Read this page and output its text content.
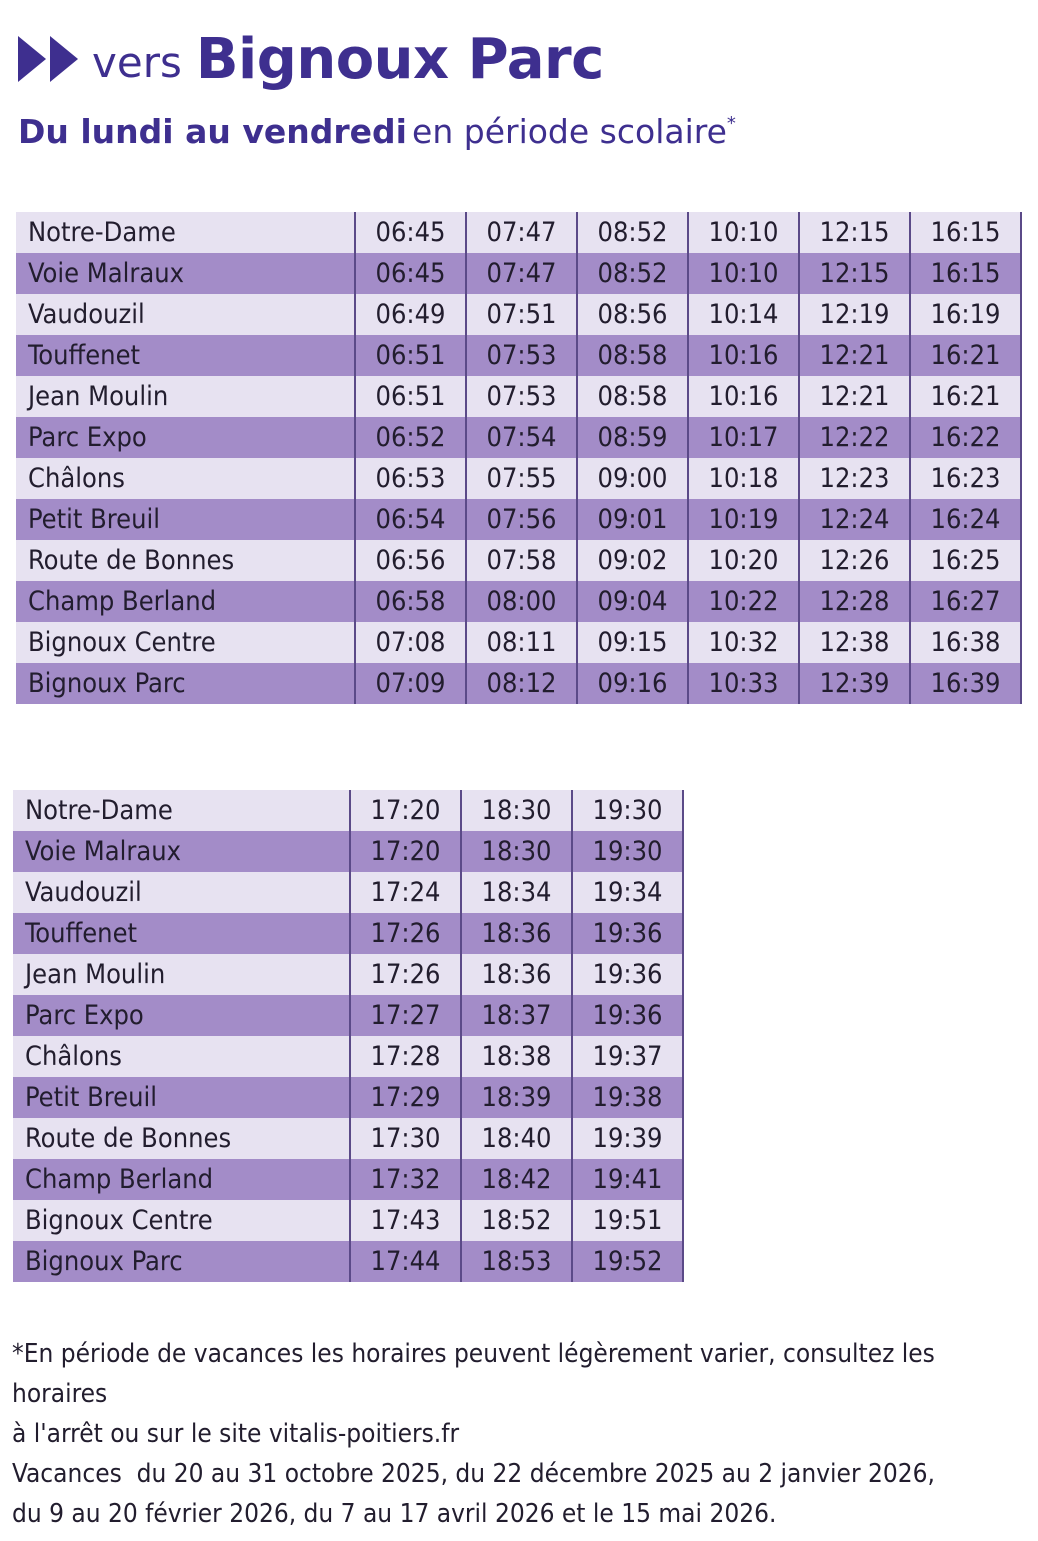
vers Bignoux Parc
Du lundi au vendredi en période scolaire*
Notre-Dame	06:45	07:47	08:52	10:10	12:15	16:15
Voie Malraux	06:45	07:47	08:52	10:10	12:15	16:15
Vaudouzil	06:49	07:51	08:56	10:14	12:19	16:19
Touffenet	06:51	07:53	08:58	10:16	12:21	16:21
Jean Moulin	06:51	07:53	08:58	10:16	12:21	16:21
Parc Expo	06:52	07:54	08:59	10:17	12:22	16:22
Châlons	06:53	07:55	09:00	10:18	12:23	16:23
Petit Breuil	06:54	07:56	09:01	10:19	12:24	16:24
Route de Bonnes	06:56	07:58	09:02	10:20	12:26	16:25
Champ Berland	06:58	08:00	09:04	10:22	12:28	16:27
Bignoux Centre	07:08	08:11	09:15	10:32	12:38	16:38
Bignoux Parc	07:09	08:12	09:16	10:33	12:39	16:39
Notre-Dame	17:20	18:30	19:30
Voie Malraux	17:20	18:30	19:30
Vaudouzil	17:24	18:34	19:34
Touffenet	17:26	18:36	19:36
Jean Moulin	17:26	18:36	19:36
Parc Expo	17:27	18:37	19:36
Châlons	17:28	18:38	19:37
Petit Breuil	17:29	18:39	19:38
Route de Bonnes	17:30	18:40	19:39
Champ Berland	17:32	18:42	19:41
Bignoux Centre	17:43	18:52	19:51
Bignoux Parc	17:44	18:53	19:52

*En période de vacances les horaires peuvent légèrement varier, consultez les horaires

à l'arrêt ou sur le site vitalis-poitiers.fr

Vacances  du 20 au 31 octobre 2025, du 22 décembre 2025 au 2 janvier 2026,

du 9 au 20 février 2026, du 7 au 17 avril 2026 et le 15 mai 2026.
